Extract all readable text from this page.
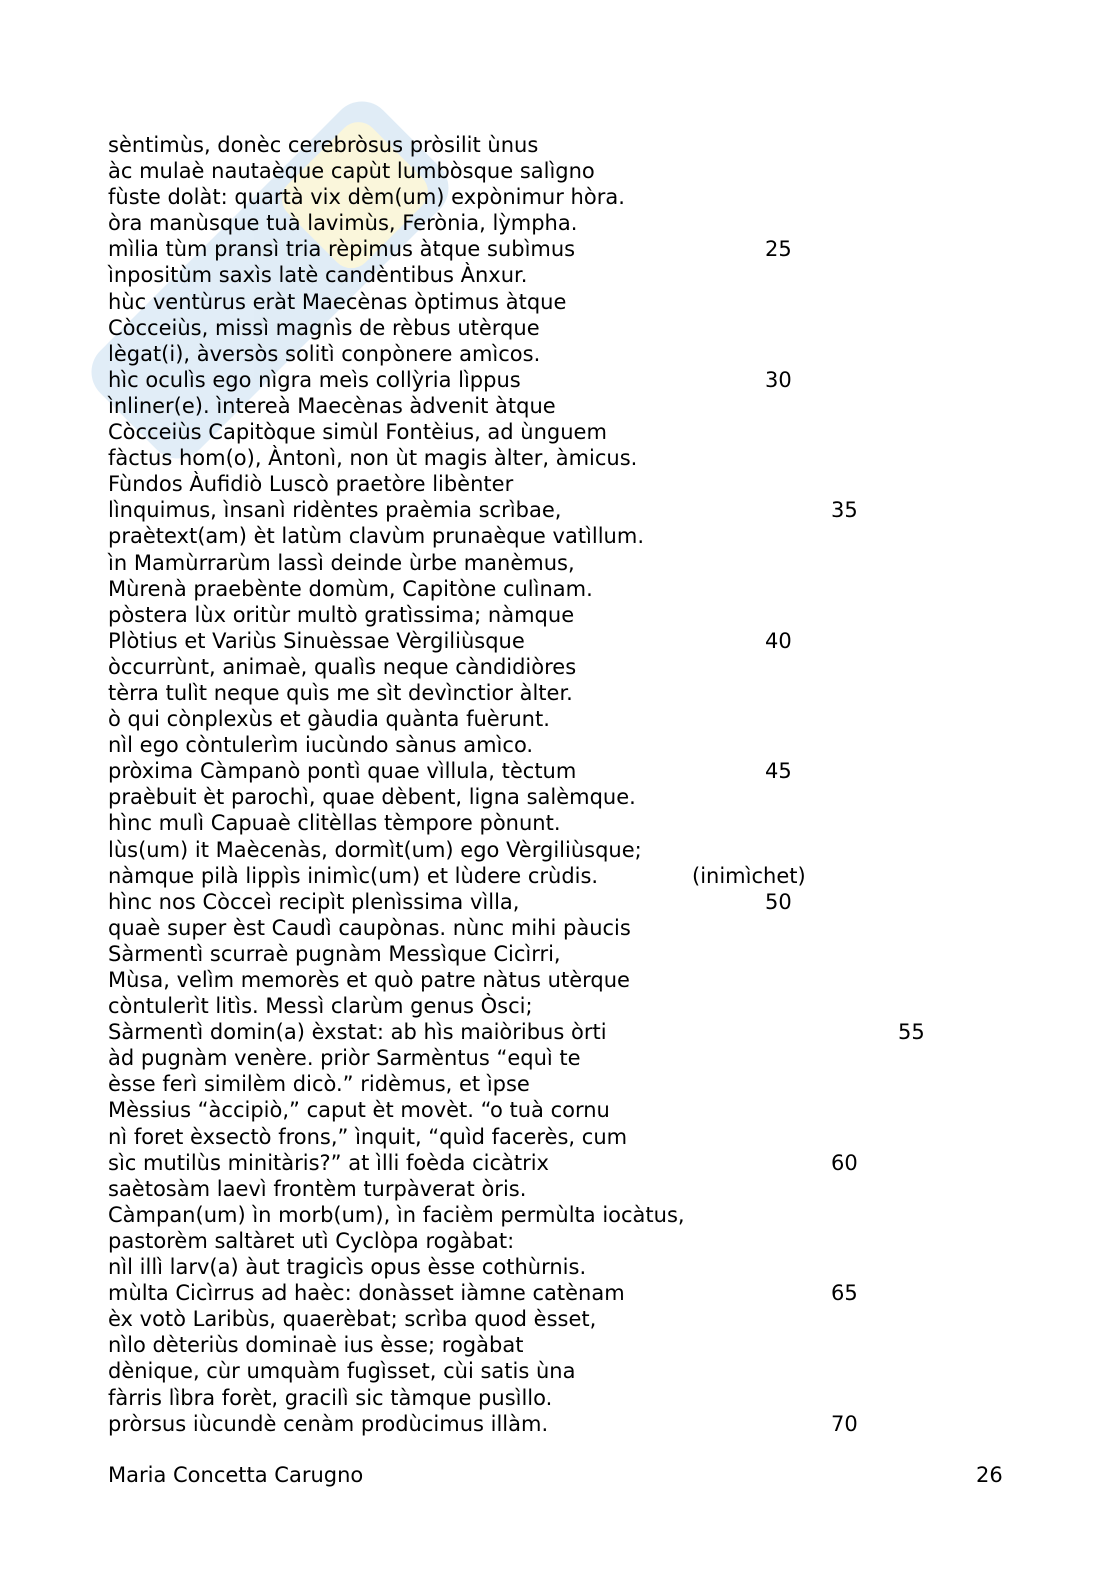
sèntimùs, donèc cerebròsus pròsilit ùnus
àc mulaè nautaèque capùt lumbòsque salìgno
fùste dolàt: quartà vix dèm(um) expònimur hòra.
òra manùsque tuà lavimùs, Ferònia, lỳmpha.
mìlia tùm pransì tria rèpimus àtque subìmus	25
ìnpositùm saxìs latè candèntibus Ànxur.
hùc ventùrus eràt Maecènas òptimus àtque
Còcceiùs, missì magnìs de rèbus utèrque
lègat(i), àversòs solitì conpònere amìcos.
hìc oculìs ego nìgra meìs collỳria lìppus	30
ìnliner(e). ìntereà Maecènas àdvenit àtque
Còcceiùs Capitòque simùl Fontèius, ad ùnguem
fàctus hom(o), Àntonì, non ùt magis àlter, àmicus.
Fùndos Àufidiò Luscò praetòre libènter
lìnquimus, ìnsanì ridèntes praèmia scrìbae,	35
praètext(am) èt latùm clavùm prunaèque vatìllum.
ìn Mamùrrarùm lassì deinde ùrbe manèmus,
Mùrenà praebènte domùm, Capitòne culìnam.
pòstera lùx oritùr multò gratìssima; nàmque
Plòtius et Variùs Sinuèssae Vèrgiliùsque	40
òccurrùnt, animaè, qualìs neque càndidiòres
tèrra tulìt neque quìs me sìt devìnctior àlter.
ò qui cònplexùs et gàudia quànta fuèrunt.
nìl ego còntulerìm iucùndo sànus amìco.
pròxima Càmpanò pontì quae vìllula, tèctum	45
praèbuit èt parochì, quae dèbent, ligna salèmque.
hìnc mulì Capuaè clitèllas tèmpore pònunt.
lùs(um) it Maècenàs, dormìt(um) ego Vèrgiliùsque;
nàmque pilà lippìs inimìc(um) et lùdere crùdis.	(inimìchet)
hìnc nos Còcceì recipìt plenìssima vìlla,	50
quaè super èst Caudì caupònas. nùnc mihi pàucis
Sàrmentì scurraè pugnàm Messìque Cicìrri,
Mùsa, velìm memorès et quò patre nàtus utèrque
còntulerìt litìs. Messì clarùm genus Òsci;
Sàrmentì domin(a) èxstat: ab hìs maiòribus òrti	55
àd pugnàm venère. priòr Sarmèntus “equì te
èsse ferì similèm dicò.” ridèmus, et ìpse
Mèssius “àccipiò,” caput èt movèt. “o tuà cornu
nì foret èxsectò frons,” ìnquit, “quìd facerès, cum
sìc mutilùs minitàris?” at ìlli foèda cicàtrix	60
saètosàm laevì frontèm turpàverat òris.
Càmpan(um) ìn morb(um), ìn facièm permùlta iocàtus,
pastorèm saltàret utì Cyclòpa rogàbat:
nìl illì larv(a) àut tragicìs opus èsse cothùrnis.
mùlta Cicìrrus ad haèc: donàsset iàmne catènam	65
èx votò Laribùs, quaerèbat; scrìba quod èsset,
nìlo dèteriùs dominaè ius èsse; rogàbat
dènique, cùr umquàm fugìsset, cùi satis ùna
fàrris lìbra forèt, gracilì sic tàmque pusìllo.
pròrsus iùcundè cenàm prodùcimus illàm.	70
Maria Concetta Carugno	26
